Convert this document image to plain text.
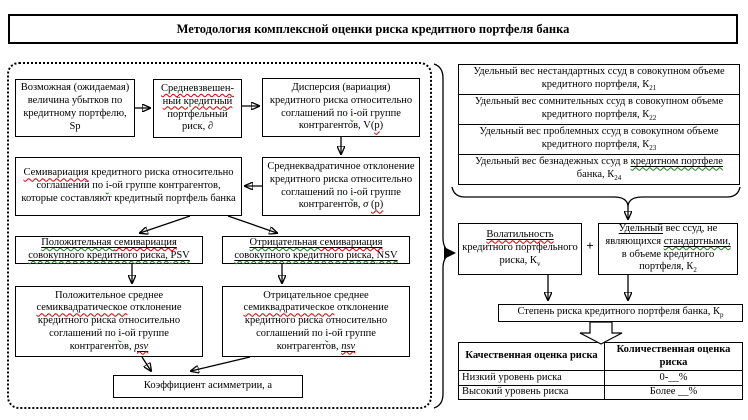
Методология комплексной оценки риска кредитного портфеля банка
Возможная (ожидаемая) величина убытков по кредитному портфелю, Sp
Средневзвешен-ный кредитный портфельный риск, ∂
Дисперсия (вариация) кредитного риска относительно соглашений по i-ой группе контрагентов, V(p)
Семивариация кредитного риска относительно соглашений по i-ой группе контрагентов, которые составляют кредитный портфель банка
Среднеквадратичное отклонение кредитного риска относительно соглашений по i-ой группе контрагентов, σ (p)
Положительная семивариация совокупного кредитного риска, PSV
Отрицательная семивариация совокупного кредитного риска, NSV
Положительное среднее семиквадратическое отклонение кредитного риска относительно соглашений по i-ой группе контрагентов, psv
Отрицательное среднее семиквадратическое отклонение кредитного риска относительно соглашений по i-ой группе контрагентов, nsv
Коэффициент асимметрии, а
Удельный вес нестандартных ссуд в совокупном объеме кредитного портфеля, $К_{21}$
Удельный вес сомнительных ссуд в совокупном объеме кредитного портфеля, $К_{22}$
Удельный вес проблемных ссуд в совокупном объеме кредитного портфеля, $К_{23}$
Удельный вес безнадежных ссуд в кредитном портфеле банка, $К_{24}$
Волатильность кредитного портфельного риска, $К_v$
+
Удельный вес ссуд, не являющихся стандартными, в объеме кредитного портфеля, $К_2$
Степень риска кредитного портфеля банка, $К_р$
Качественная оценка риска
Количественная оценка риска
Низкий уровень риска	0-__%
Высокий уровень риска	Более __%
